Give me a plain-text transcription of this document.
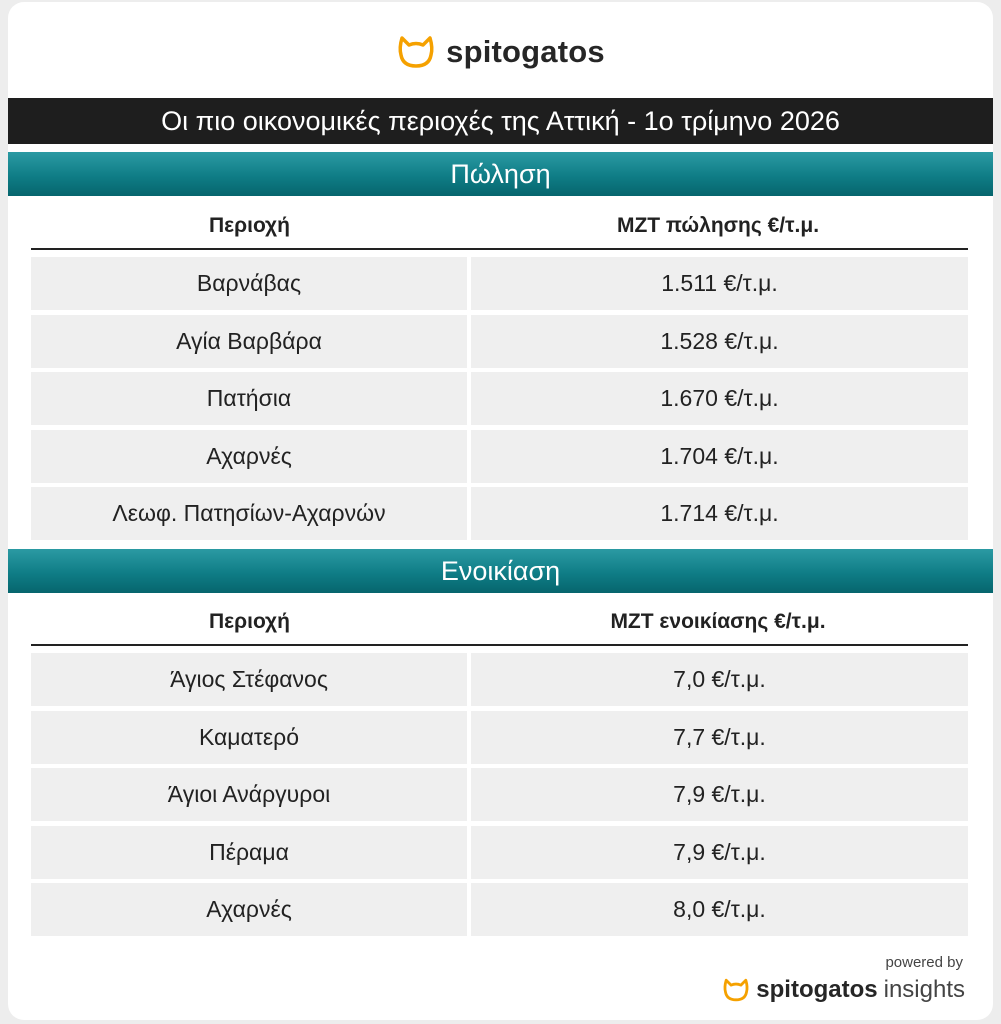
spitogatos
Οι πιο οικονομικές περιοχές της Αττική - 1ο τρίμηνο 2026
Πώληση
Περιοχή	ΜΖΤ πώλησης €/τ.μ.
Βαρνάβας	1.511 €/τ.μ.
Αγία Βαρβάρα	1.528 €/τ.μ.
Πατήσια	1.670 €/τ.μ.
Αχαρνές	1.704 €/τ.μ.
Λεωφ. Πατησίων-Αχαρνών	1.714 €/τ.μ.
Ενοικίαση
Περιοχή	ΜΖΤ ενοικίασης €/τ.μ.
Άγιος Στέφανος	7,0 €/τ.μ.
Καματερό	7,7 €/τ.μ.
Άγιοι Ανάργυροι	7,9 €/τ.μ.
Πέραμα	7,9 €/τ.μ.
Αχαρνές	8,0 €/τ.μ.
powered by
spitogatos insights
